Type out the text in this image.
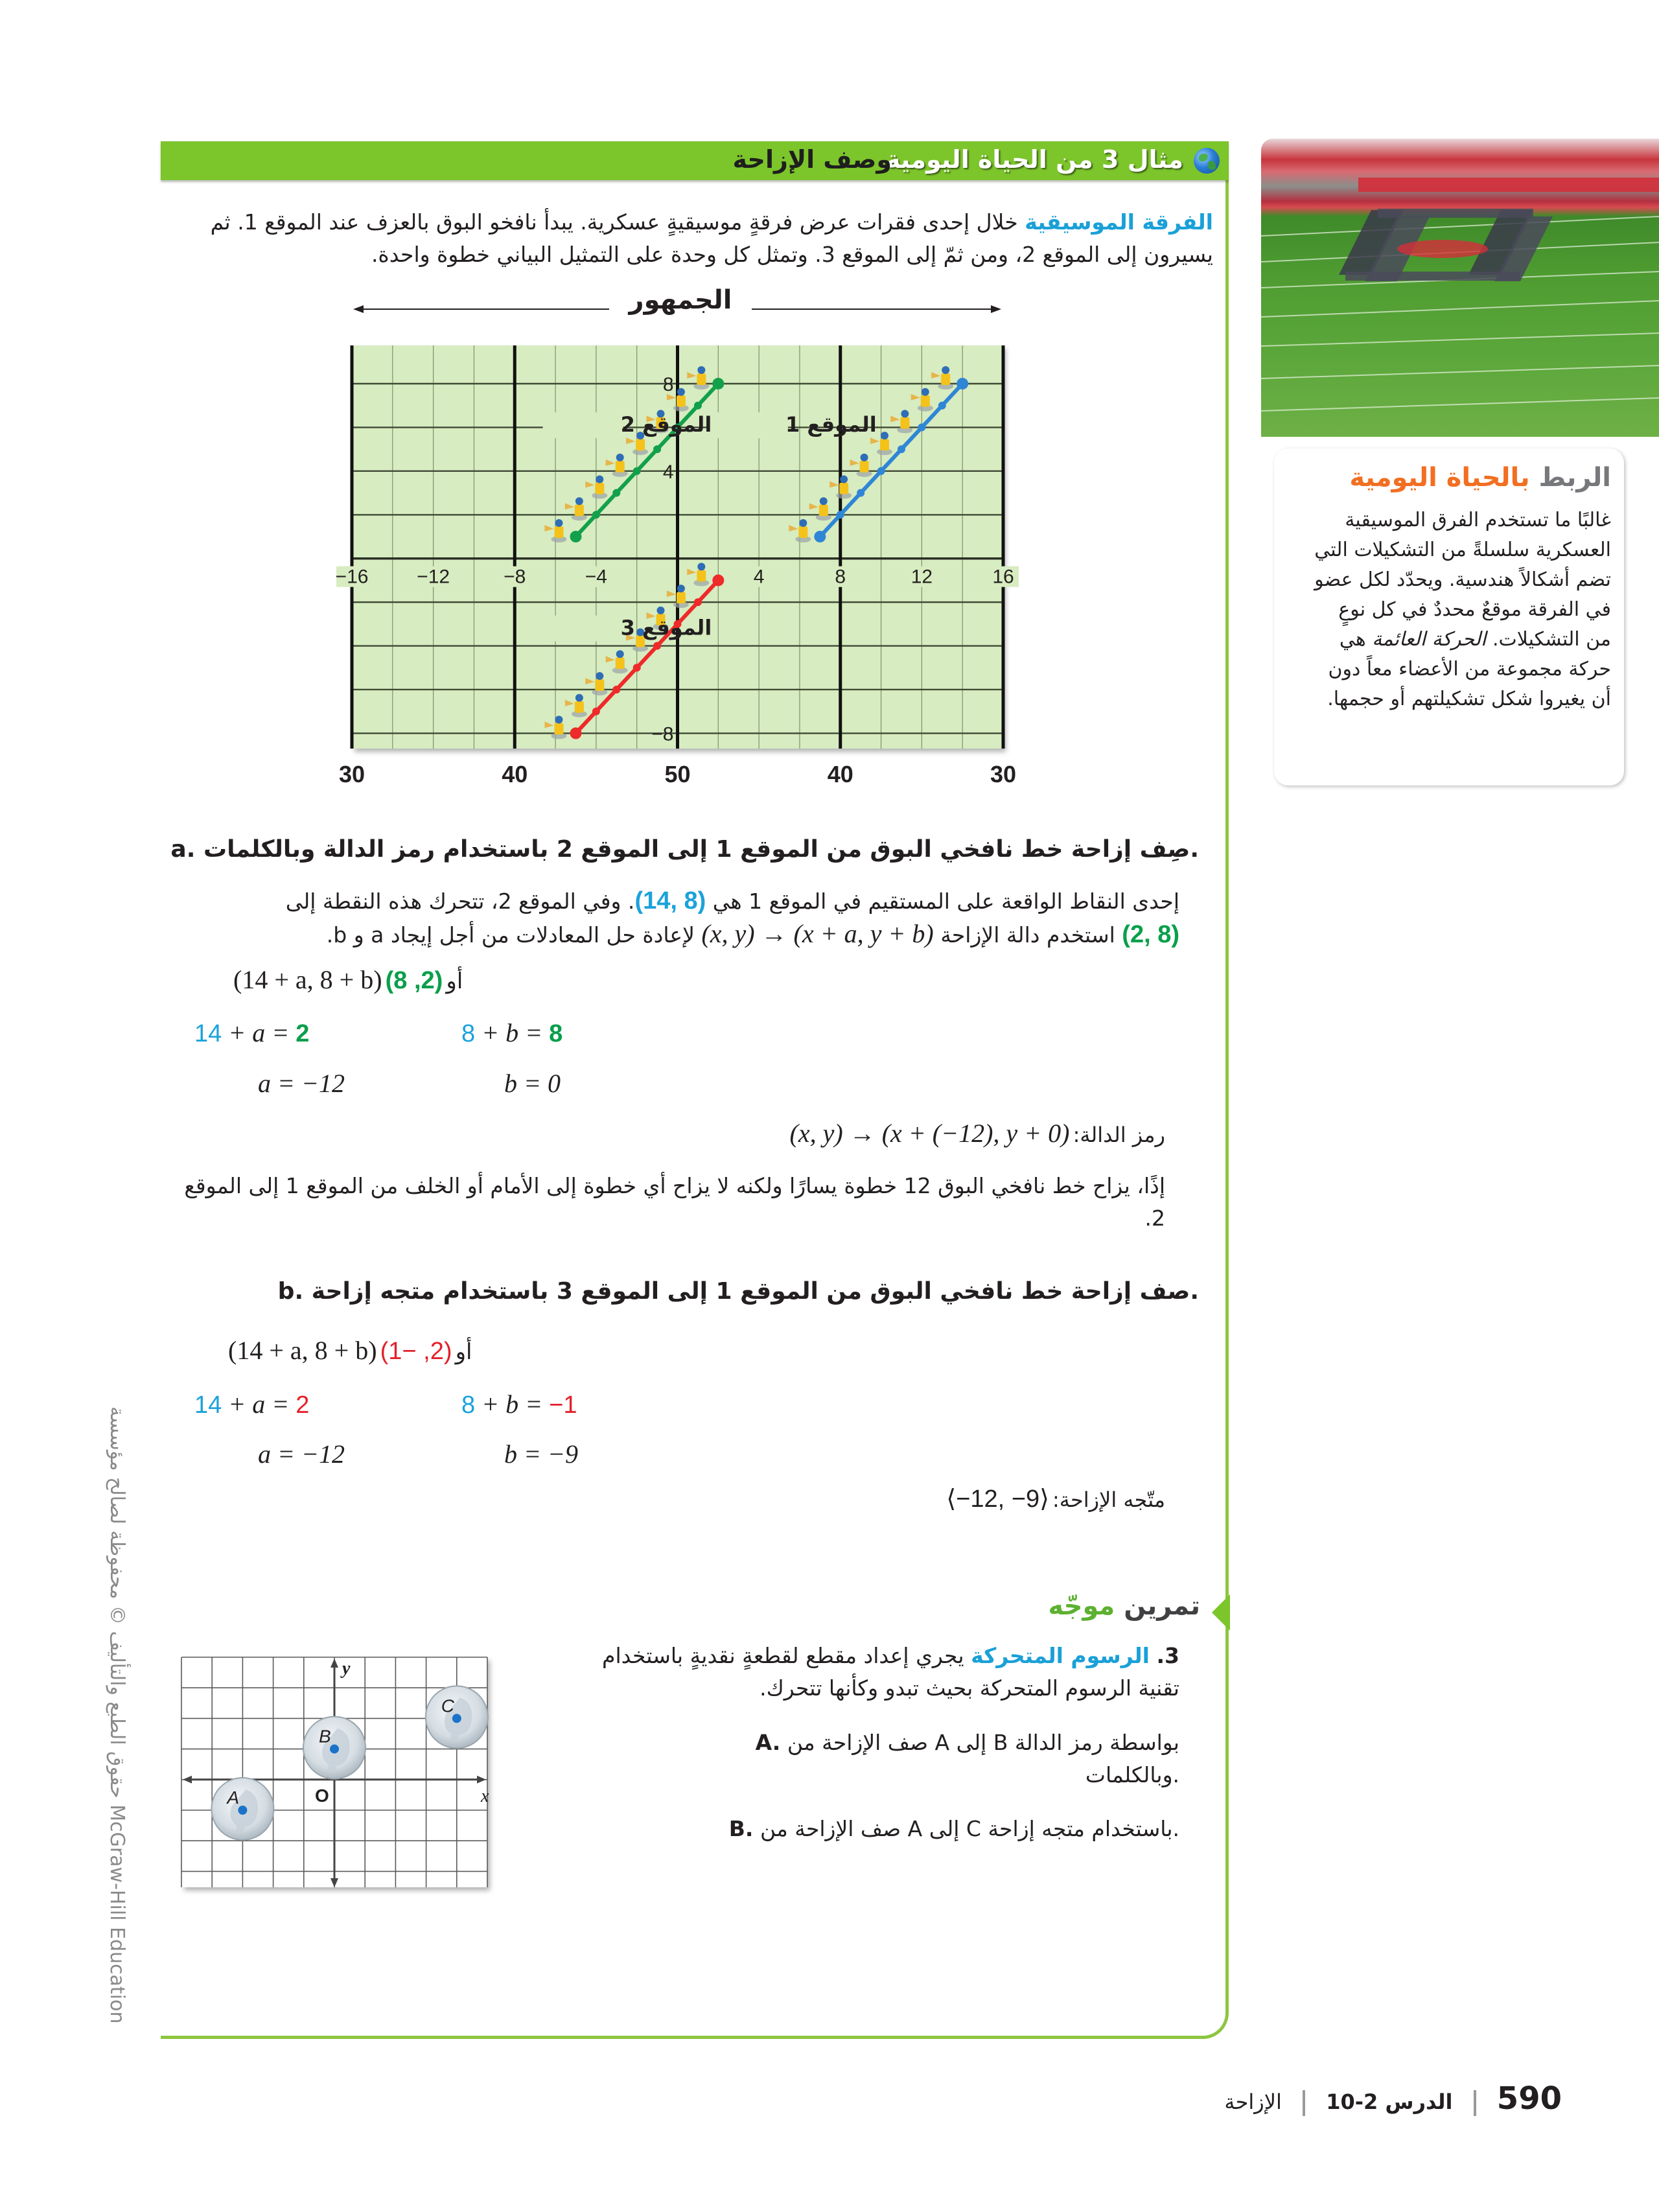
مثال 3 من الحياة اليومية
وصف الإزاحة
الفرقة الموسيقية خلال إحدى فقرات عرض فرقةٍ موسيقيةٍ عسكرية. يبدأ نافخو البوق بالعزف عند الموقع 1. ثم يسيرون إلى الموقع 2، ومن ثمّ إلى الموقع 3. وتمثل كل وحدة على التمثيل البياني خطوة واحدة.
الجمهور
−16 −12	−8	−4	4	8	12	16
8
4
−8
الموقع 1
الموقع 2
الموقع 3
30	40	50	40	30
a. صِف إزاحة خط نافخي البوق من الموقع 1 إلى الموقع 2 باستخدام رمز الدالة وبالكلمات.
إحدى النقاط الواقعة على المستقيم في الموقع 1 هي (14, 8). وفي الموقع 2، تتحرك هذه النقطة إلى
(2, 8) استخدم دالة الإزاحة (x, y) → (x + a, y + b) لإعادة حل المعادلات من أجل إيجاد a و b.
(14 + a, 8 + b)	أو (2, 8)
14 + a = 2	8 + b = 8
a = −12	b = 0
رمز الدالة: (x, y) → (x + (−12), y + 0)
إذًا، يزاح خط نافخي البوق 12 خطوة يسارًا ولكنه لا يزاح أي خطوة إلى الأمام أو الخلف من الموقع 1 إلى الموقع 2.
b. صف إزاحة خط نافخي البوق من الموقع 1 إلى الموقع 3 باستخدام متجه إزاحة.
(14 + a, 8 + b)	أو (2, −1)
14 + a = 2	8 + b = −1
a = −12	b = −9
متّجه الإزاحة: ⟨−12, −9⟩
الربط بالحياة اليومية
غالبًا ما تستخدم الفرق الموسيقية العسكرية سلسلةً من التشكيلات التي تضم أشكالاً هندسية. ويحدّد لكل عضو في الفرقة موقعٌ محددٌ في كل نوعٍ من التشكيلات. الحركة العائمة هي حركة مجموعة من الأعضاء معاً دون أن يغيروا شكل تشكيلتهم أو حجمها.
تمرين موجّه
3. الرسوم المتحركة يجري إعداد مقطع لقطعةٍ نقديةٍ باستخدام تقنية الرسوم المتحركة بحيث تبدو وكأنها تتحرك.
A. صف الإزاحة من A إلى B بواسطة رمز الدالة وبالكلمات.
B. صف الإزاحة من A إلى C باستخدام متجه إزاحة.
x
y
O
A
B
C
الإزاحة الدرس 2-10 590
حقوق الطبع والتأليف © محفوظة لصالح مؤسسة McGraw-Hill Education
